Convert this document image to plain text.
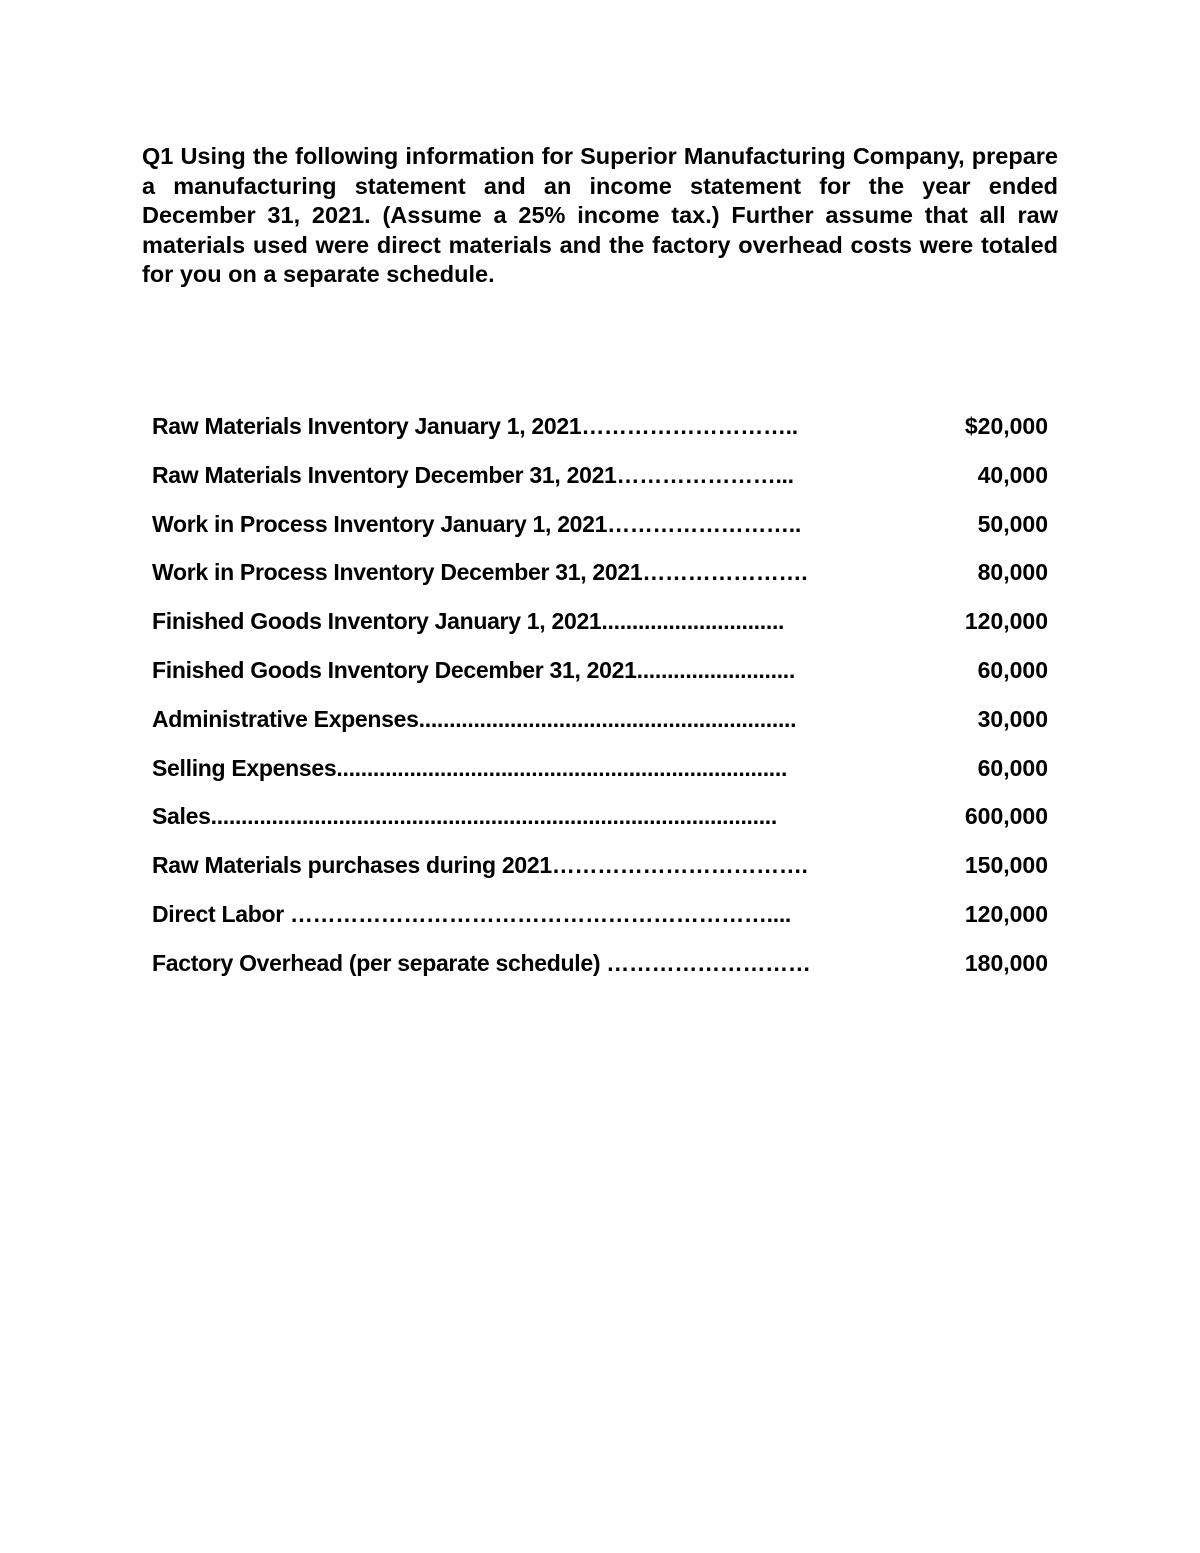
Q1 Using the following information for Superior Manufacturing Company, prepare a manufacturing statement and an income statement for the year ended December 31, 2021. (Assume a 25% income tax.) Further assume that all raw materials used were direct materials and the factory overhead costs were totaled for you on a separate schedule.

Raw Materials Inventory January 1, 2021………………………..	$20,000
Raw Materials Inventory December 31, 2021…………………...	40,000
Work in Process Inventory January 1, 2021……………………..	50,000
Work in Process Inventory December 31, 2021………………….	80,000
Finished Goods Inventory January 1, 2021..............................	120,000
Finished Goods Inventory December 31, 2021..........................	60,000
Administrative Expenses..............................................................	30,000
Selling Expenses..........................................................................	60,000
Sales.............................................................................................	600,000
Raw Materials purchases during 2021…………………………….	150,000
Direct Labor ………………………………………………………....	120,000
Factory Overhead (per separate schedule) ………………………	180,000
